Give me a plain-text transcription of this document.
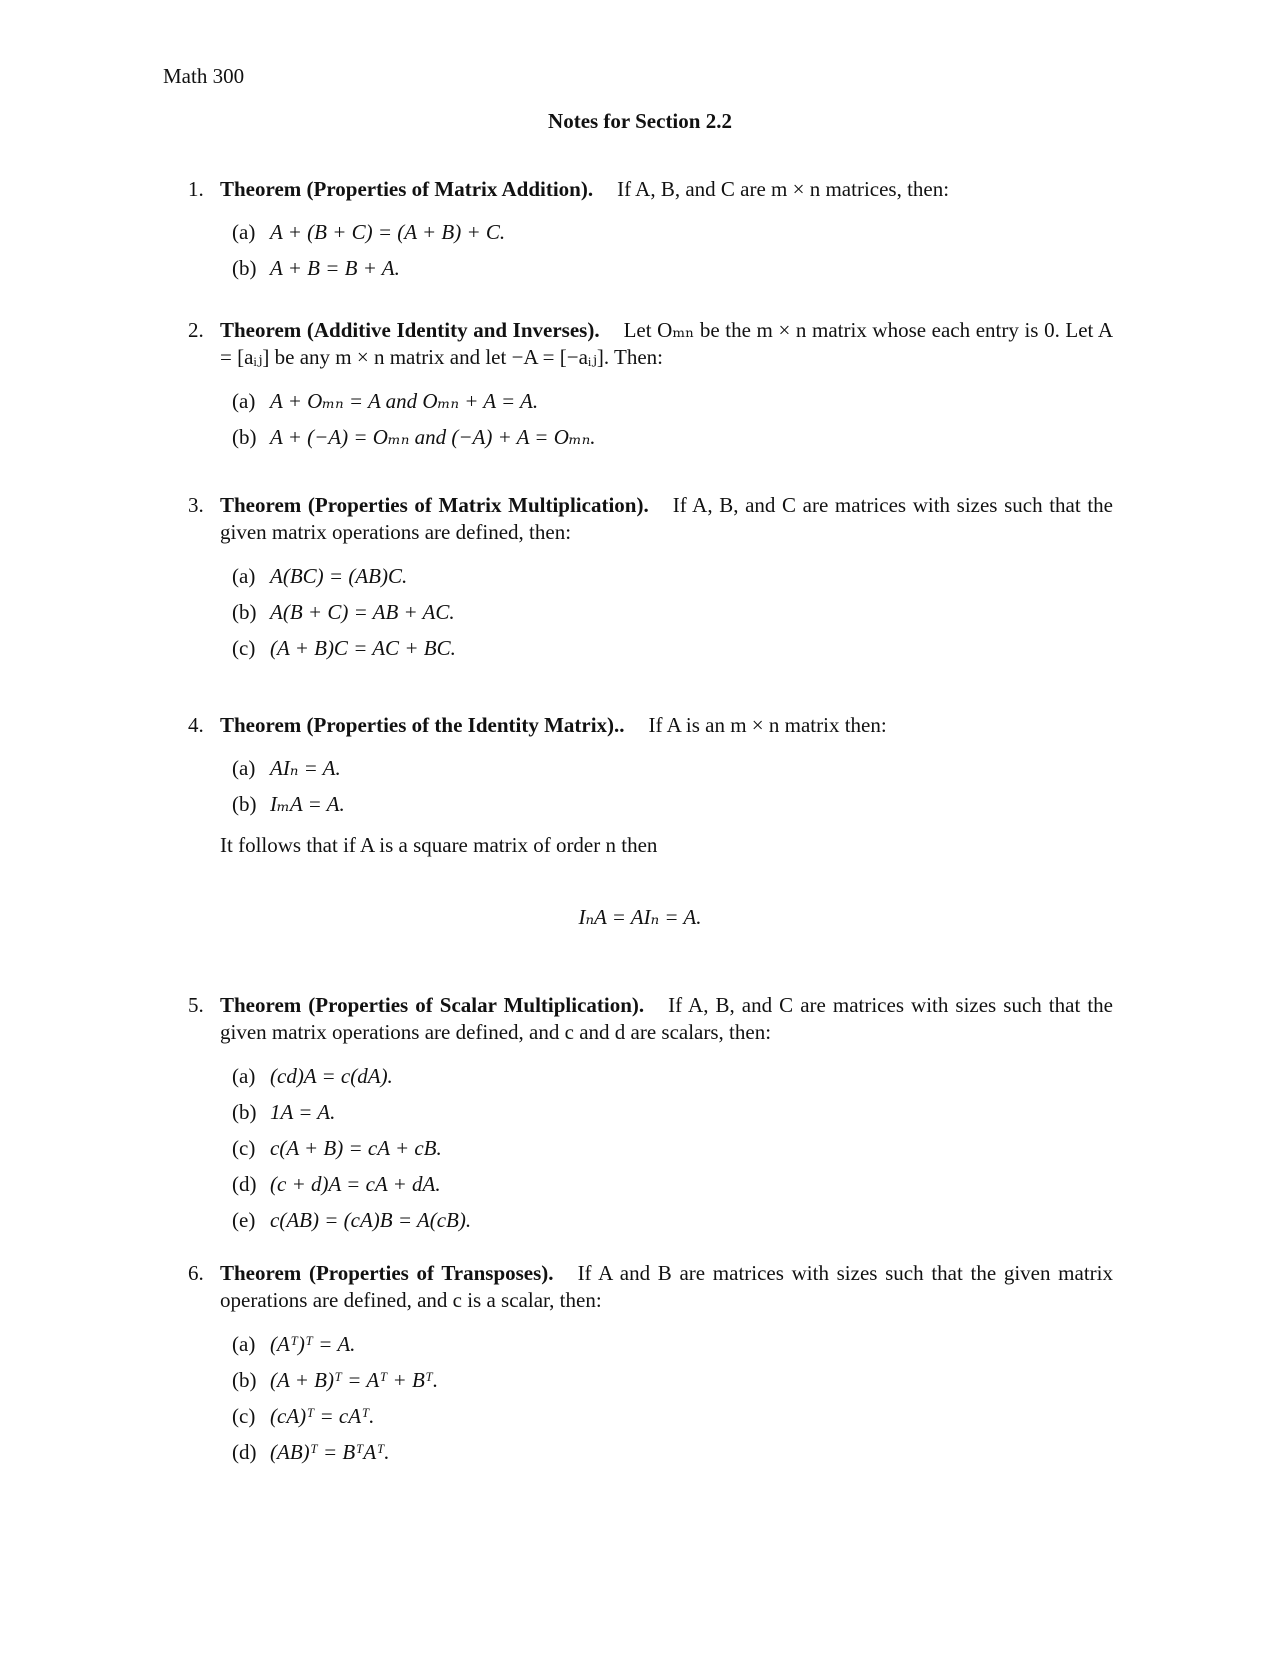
Math 300
Notes for Section 2.2
1. Theorem (Properties of Matrix Addition). If A, B, and C are m × n matrices, then:
(a) A + (B + C) = (A + B) + C.
(b) A + B = B + A.
2. Theorem (Additive Identity and Inverses). Let Oₘₙ be the m × n matrix whose each entry is 0. Let A = [aᵢⱼ] be any m × n matrix and let −A = [−aᵢⱼ]. Then:
(a) A + Oₘₙ = A and Oₘₙ + A = A.
(b) A + (−A) = Oₘₙ and (−A) + A = Oₘₙ.
3. Theorem (Properties of Matrix Multiplication). If A, B, and C are matrices with sizes such that the given matrix operations are defined, then:
(a) A(BC) = (AB)C.
(b) A(B + C) = AB + AC.
(c) (A + B)C = AC + BC.
4. Theorem (Properties of the Identity Matrix).. If A is an m × n matrix then:
(a) AIₙ = A.
(b) IₘA = A.
It follows that if A is a square matrix of order n then
IₙA = AIₙ = A.
5. Theorem (Properties of Scalar Multiplication). If A, B, and C are matrices with sizes such that the given matrix operations are defined, and c and d are scalars, then:
(a) (cd)A = c(dA).
(b) 1A = A.
(c) c(A + B) = cA + cB.
(d) (c + d)A = cA + dA.
(e) c(AB) = (cA)B = A(cB).
6. Theorem (Properties of Transposes). If A and B are matrices with sizes such that the given matrix operations are defined, and c is a scalar, then:
(a) (Aᵀ)ᵀ = A.
(b) (A + B)ᵀ = Aᵀ + Bᵀ.
(c) (cA)ᵀ = cAᵀ.
(d) (AB)ᵀ = BᵀAᵀ.
